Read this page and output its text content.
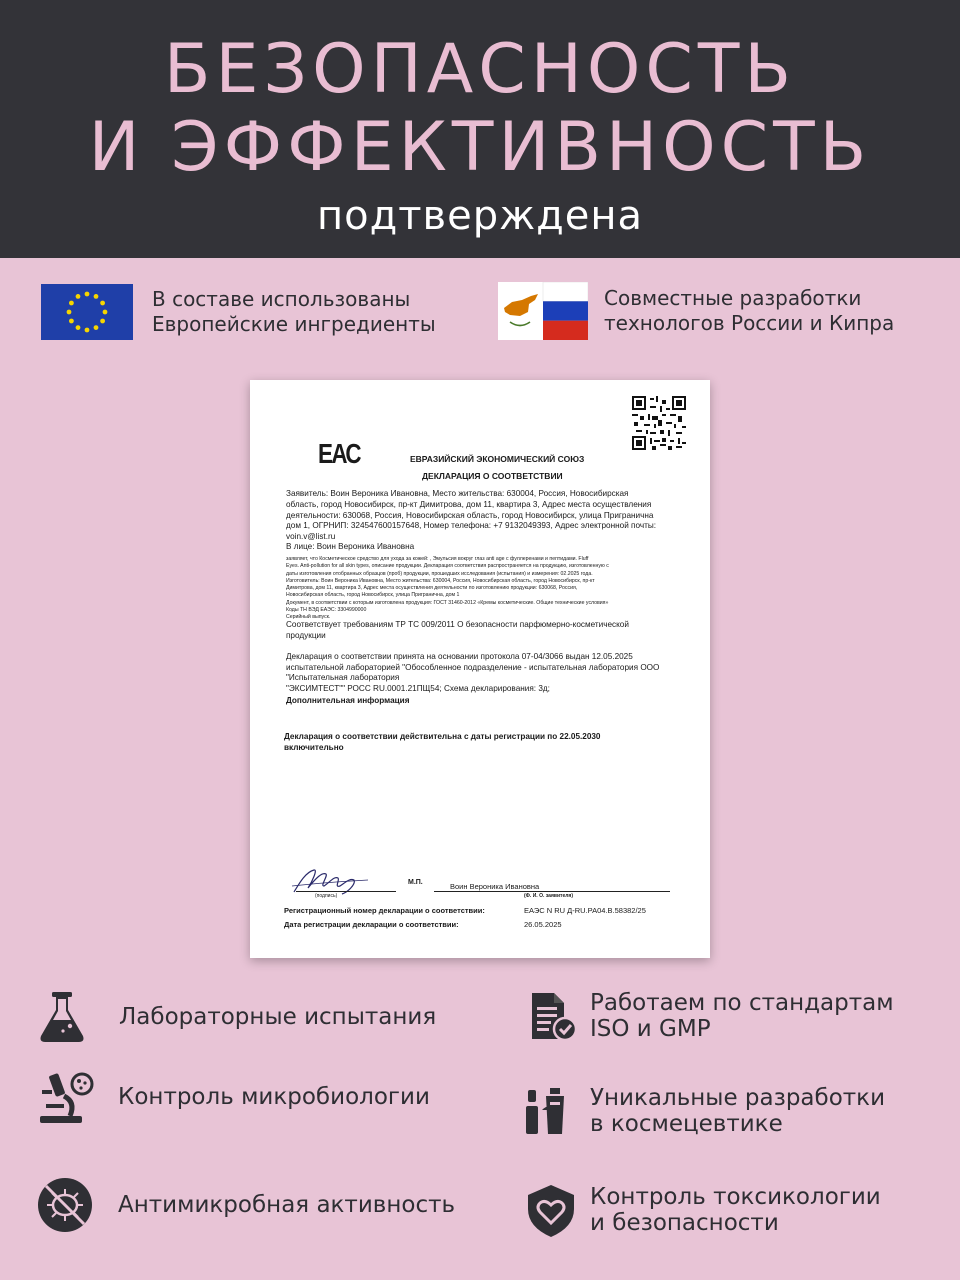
БЕЗОПАСНОСТЬ
И ЭФФЕКТИВНОСТЬ
подтверждена
В составе использованы
Европейские ингредиенты
Совместные разработки
технологов России и Кипра
ЕАС	ЕВРАЗИЙСКИЙ ЭКОНОМИЧЕСКИЙ СОЮЗ
ДЕКЛАРАЦИЯ О СООТВЕТСТВИИ
Заявитель: Воин Вероника Ивановна, Место жительства: 630004, Россия, Новосибирская
область, город Новосибирск, пр-кт Димитрова, дом 11, квартира 3, Адрес места осуществления
деятельности: 630068, Россия, Новосибирская область, город Новосибирск, улица Пригранична
дом 1, ОГРНИП: 324547600157648, Номер телефона: +7 9132049393, Адрес электронной почты:
voin.v@list.ru
В лице: Воин Вероника Ивановна
заявляет, что Косметическое средство для ухода за кожей: , Эмульсия вокруг глаз anti age с фуллеренами и пептидами. Fluff
Eyes. Anti-pollution for all skin types, описание продукции. Декларация соответствия распространяется на продукцию, изготовленную с
даты изготовления отобранных образцов (проб) продукции, прошедших исследования (испытания) и измерения: 02.2025 года.
Изготовитель: Воин Вероника Ивановна, Место жительства: 630004, Россия, Новосибирская область, город Новосибирск, пр-кт
Димитрова, дом 11, квартира 3, Адрес места осуществления деятельности по изготовлению продукции: 630068, Россия,
Новосибирская область, город Новосибирск, улица Пригранична, дом 1
Документ, в соответствии с которым изготовлена продукция: ГОСТ 31460-2012 «Кремы косметические. Общие технические условия»
Коды ТН ВЭД ЕАЭС: 3304990000
Серийный выпуск.
Соответствует требованиям ТР ТС 009/2011 О безопасности парфюмерно-косметической
продукции
Декларация о соответствии принята на основании протокола 07-04/3066 выдан 12.05.2025
испытательной лабораторией "Обособленное подразделение - испытательная лаборатория ООО
"Испытательная лаборатория
"ЭКСИМТЕСТ"" РОСС RU.0001.21ПЩ54; Схема декларирования: 3д;
Дополнительная информация
Декларация о соответствии действительна с даты регистрации по 22.05.2030
включительно
(подпись)
М.П.	Воин Вероника Ивановна
(Ф. И. О. заявителя)
Регистрационный номер декларации о соответствии:	ЕАЭС N RU Д-RU.PA04.B.58382/25
Дата регистрации декларации о соответствии:	26.05.2025
Лабораторные испытания
Работаем по стандартам
ISO и GMP
Контроль микробиологии	Уникальные разработки
в космецевтике
Антимикробная активность	Контроль токсикологии
и безопасности
